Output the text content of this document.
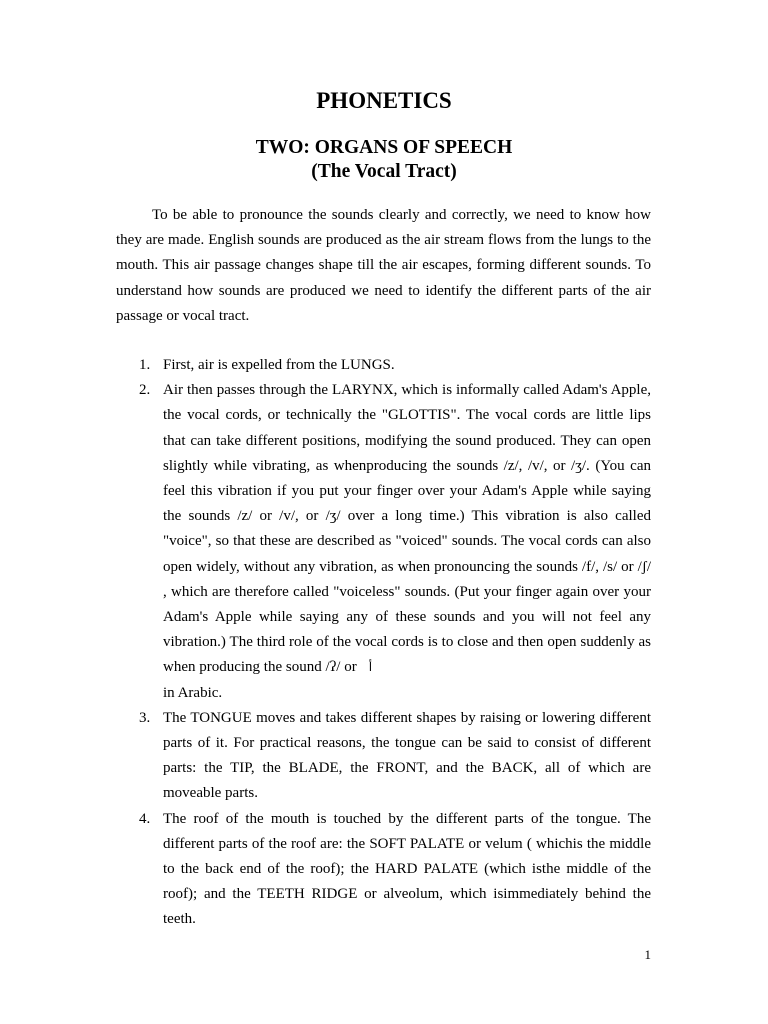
PHONETICS
TWO: ORGANS OF SPEECH
(The Vocal Tract)

To be able to pronounce the sounds clearly and correctly, we need to know how they are made. English sounds are produced as the air stream flows from the lungs to the mouth. This air passage changes shape till the air escapes, forming different sounds. To understand how sounds are produced we need to identify the different parts of the air passage or vocal tract.

1. First, air is expelled from the LUNGS.
2. Air then passes through the LARYNX, which is informally called Adam's Apple, the vocal cords, or technically the "GLOTTIS". The vocal cords are little lips that can take different positions, modifying the sound produced. They can open slightly while vibrating, as whenproducing the sounds /z/, /v/, or /ʒ/. (You can feel this vibration if you put your finger over your Adam's Apple while saying the sounds /z/ or /v/, or /ʒ/ over a long time.) This vibration is also called "voice", so that these are described as "voiced" sounds. The vocal cords can also open widely, without any vibration, as when pronouncing the sounds /f/, /s/ or /ʃ/ , which are therefore called "voiceless" sounds. (Put your finger again over your Adam's Apple while saying any of these sounds and you will not feel any vibration.) The third role of the vocal cords is to close and then open suddenly as when producing the sound /ʔ/ or أ
in Arabic.
3. The TONGUE moves and takes different shapes by raising or lowering different parts of it. For practical reasons, the tongue can be said to consist of different parts: the TIP, the BLADE, the FRONT, and the BACK, all of which are moveable parts.
4. The roof of the mouth is touched by the different parts of the tongue. The different parts of the roof are: the SOFT PALATE or velum ( whichis the middle to the back end of the roof); the HARD PALATE (which isthe middle of the roof); and the TEETH RIDGE or alveolum, which isimmediately behind the teeth.
1
